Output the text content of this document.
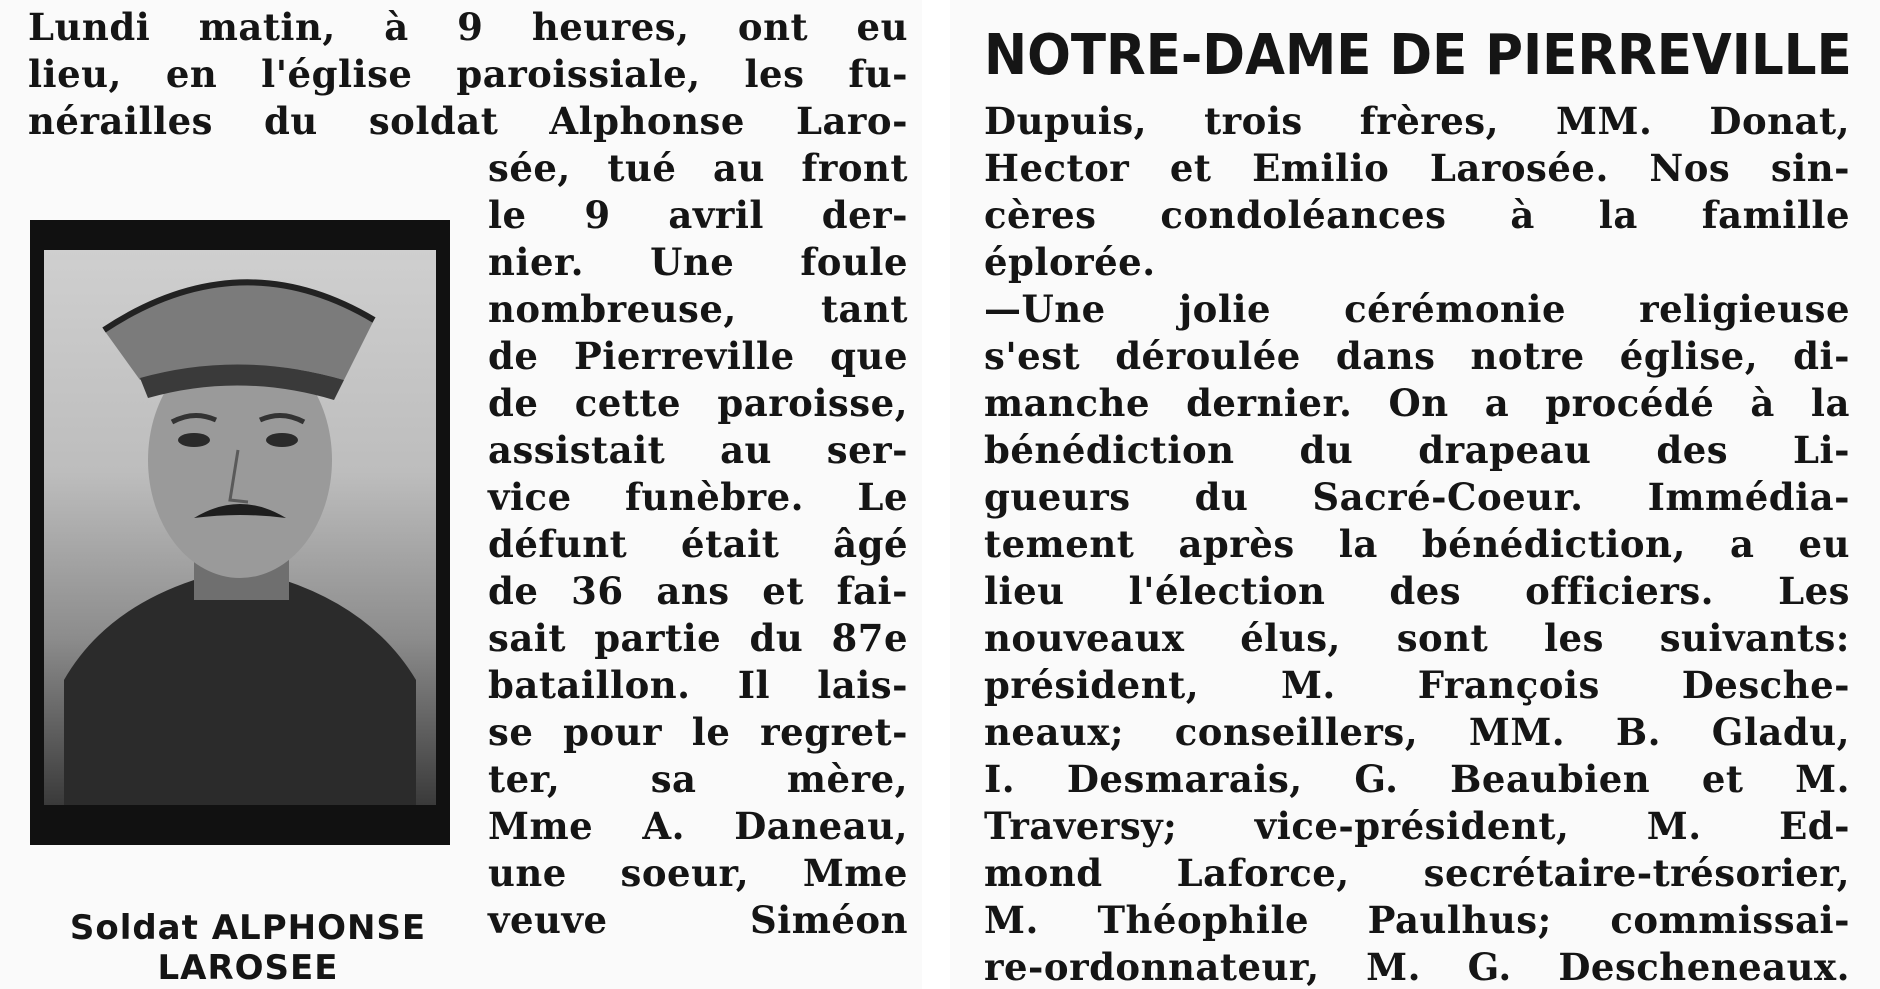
Lundi matin, à 9 heures, ont eu
lieu, en l'église paroissiale, les fu-
nérailles du soldat Alphonse Laro-
Soldat ALPHONSE
LAROSEE
sée, tué au front
le 9 avril der-
nier. Une foule
nombreuse, tant
de Pierreville que
de cette paroisse,
assistait au ser-
vice funèbre. Le
défunt était âgé
de 36 ans et fai-
sait partie du 87e
bataillon. Il lais-
se pour le regret-
ter, sa mère,
Mme A. Daneau,
une soeur, Mme
veuve	Siméon
NOTRE-DAME DE PIERREVILLE
Dupuis, trois frères, MM. Donat,
Hector et Emilio Larosée. Nos sin-
cères condoléances à la famille
éplorée.
—Une jolie cérémonie religieuse
s'est déroulée dans notre église, di-
manche dernier. On a procédé à la
bénédiction du drapeau des Li-
gueurs du Sacré-Coeur. Immédia-
tement après la bénédiction, a eu
lieu l'élection des officiers. Les
nouveaux élus, sont les suivants:
président, M. François Desche-
neaux; conseillers, MM. B. Gladu,
I. Desmarais, G. Beaubien et M.
Traversy; vice-président, M. Ed-
mond Laforce, secrétaire-trésorier,
M. Théophile Paulhus; commissai-
re-ordonnateur, M. G. Descheneaux.
